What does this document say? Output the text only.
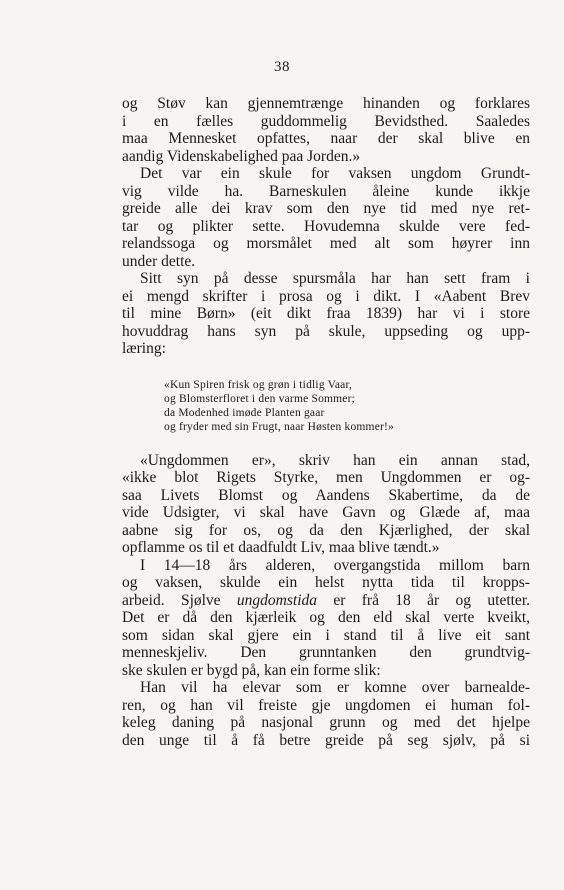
38
og Støv kan gjennemtrænge hinanden og forklares
i en fælles guddommelig Bevidsthed. Saaledes
maa Mennesket opfattes, naar der skal blive en
aandig Videnskabelighed paa Jorden.»
Det var ein skule for vaksen ungdom Grundt-
vig vilde ha. Barneskulen åleine kunde ikkje
greide alle dei krav som den nye tid med nye ret-
tar og plikter sette. Hovudemna skulde vere fed-
relandssoga og morsmålet med alt som høyrer inn
under dette.
Sitt syn på desse spursmåla har han sett fram i
ei mengd skrifter i prosa og i dikt. I «Aabent Brev
til mine Børn» (eit dikt fraa 1839) har vi i store
hovuddrag hans syn på skule, uppseding og upp-
læring:
«Kun Spiren frisk og grøn i tidlig Vaar,
og Blomsterfloret i den varme Sommer;
da Modenhed imøde Planten gaar
og fryder med sin Frugt, naar Høsten kommer!»
«Ungdommen er», skriv han ein annan stad,
«ikke blot Rigets Styrke, men Ungdommen er og-
saa Livets Blomst og Aandens Skabertime, da de
vide Udsigter, vi skal have Gavn og Glæde af, maa
aabne sig for os, og da den Kjærlighed, der skal
opflamme os til et daadfuldt Liv, maa blive tændt.»
I 14—18 års alderen, overgangstida millom barn
og vaksen, skulde ein helst nytta tida til kropps-
arbeid. Sjølve ungdomstida er frå 18 år og utetter.
Det er då den kjærleik og den eld skal verte kveikt,
som sidan skal gjere ein i stand til å live eit sant
menneskjeliv. Den grunntanken den grundtvig-
ske skulen er bygd på, kan ein forme slik:
Han vil ha elevar som er komne over barnealde-
ren, og han vil freiste gje ungdomen ei human fol-
keleg daning på nasjonal grunn og med det hjelpe
den unge til å få betre greide på seg sjølv, på si
